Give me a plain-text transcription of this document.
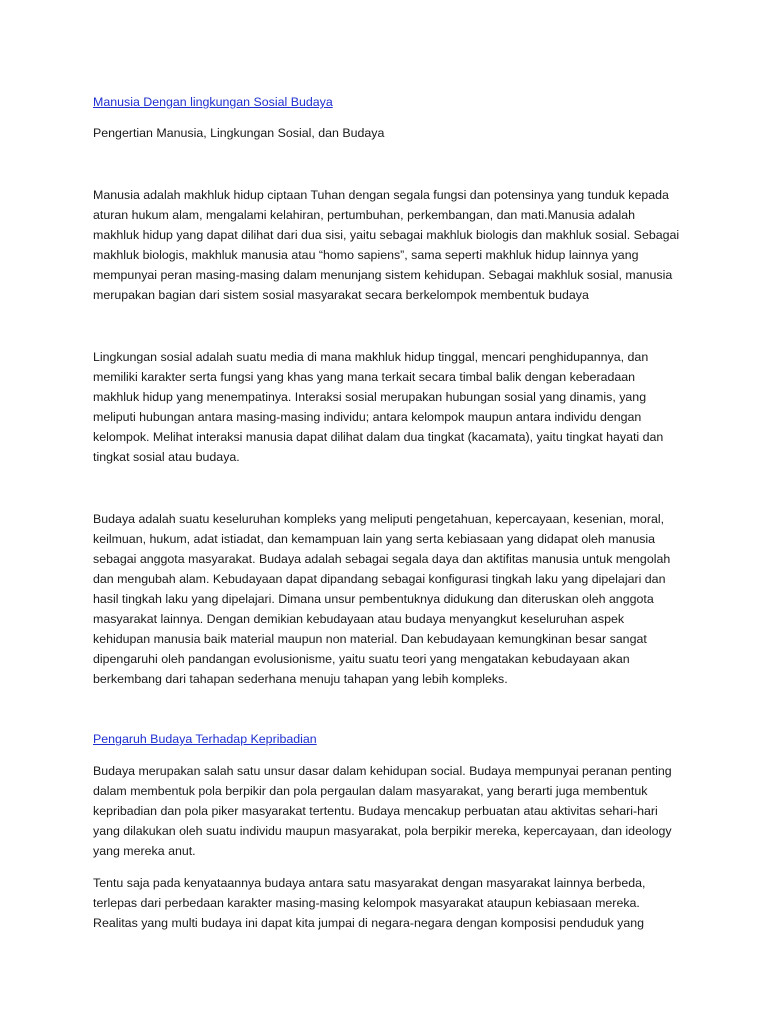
Manusia Dengan lingkungan Sosial Budaya

Pengertian Manusia, Lingkungan Sosial, dan Budaya

Manusia adalah makhluk hidup ciptaan Tuhan dengan segala fungsi dan potensinya yang tunduk kepada aturan hukum alam, mengalami kelahiran, pertumbuhan, perkembangan, dan mati.Manusia adalah makhluk hidup yang dapat dilihat dari dua sisi, yaitu sebagai makhluk biologis dan makhluk sosial. Sebagai makhluk biologis, makhluk manusia atau “homo sapiens”, sama seperti makhluk hidup lainnya yang mempunyai peran masing-masing dalam menunjang sistem kehidupan. Sebagai makhluk sosial, manusia merupakan bagian dari sistem sosial masyarakat secara berkelompok membentuk budaya

Lingkungan sosial adalah suatu media di mana makhluk hidup tinggal, mencari penghidupannya, dan memiliki karakter serta fungsi yang khas yang mana terkait secara timbal balik dengan keberadaan makhluk hidup yang menempatinya. Interaksi sosial merupakan hubungan sosial yang dinamis, yang meliputi hubungan antara masing-masing individu; antara kelompok maupun antara individu dengan kelompok. Melihat interaksi manusia dapat dilihat dalam dua tingkat (kacamata), yaitu tingkat hayati dan tingkat sosial atau budaya.

Budaya adalah suatu keseluruhan kompleks yang meliputi pengetahuan, kepercayaan, kesenian, moral, keilmuan, hukum, adat istiadat, dan kemampuan lain yang serta kebiasaan yang didapat oleh manusia sebagai anggota masyarakat. Budaya adalah sebagai segala daya dan aktifitas manusia untuk mengolah dan mengubah alam. Kebudayaan dapat dipandang sebagai konfigurasi tingkah laku yang dipelajari dan hasil tingkah laku yang dipelajari. Dimana unsur pembentuknya didukung dan diteruskan oleh anggota masyarakat lainnya. Dengan demikian kebudayaan atau budaya menyangkut keseluruhan aspek kehidupan manusia baik material maupun non material. Dan kebudayaan kemungkinan besar sangat dipengaruhi oleh pandangan evolusionisme, yaitu suatu teori yang mengatakan kebudayaan akan berkembang dari tahapan sederhana menuju tahapan yang lebih kompleks.

Pengaruh Budaya Terhadap Kepribadian

Budaya merupakan salah satu unsur dasar dalam kehidupan social. Budaya mempunyai peranan penting dalam membentuk pola berpikir dan pola pergaulan dalam masyarakat, yang berarti juga membentuk kepribadian dan pola piker masyarakat tertentu. Budaya mencakup perbuatan atau aktivitas sehari-hari yang dilakukan oleh suatu individu maupun masyarakat, pola berpikir mereka, kepercayaan, dan ideology yang mereka anut.

Tentu saja pada kenyataannya budaya antara satu masyarakat dengan masyarakat lainnya berbeda, terlepas dari perbedaan karakter masing-masing kelompok masyarakat ataupun kebiasaan mereka. Realitas yang multi budaya ini dapat kita jumpai di negara-negara dengan komposisi penduduk yang
